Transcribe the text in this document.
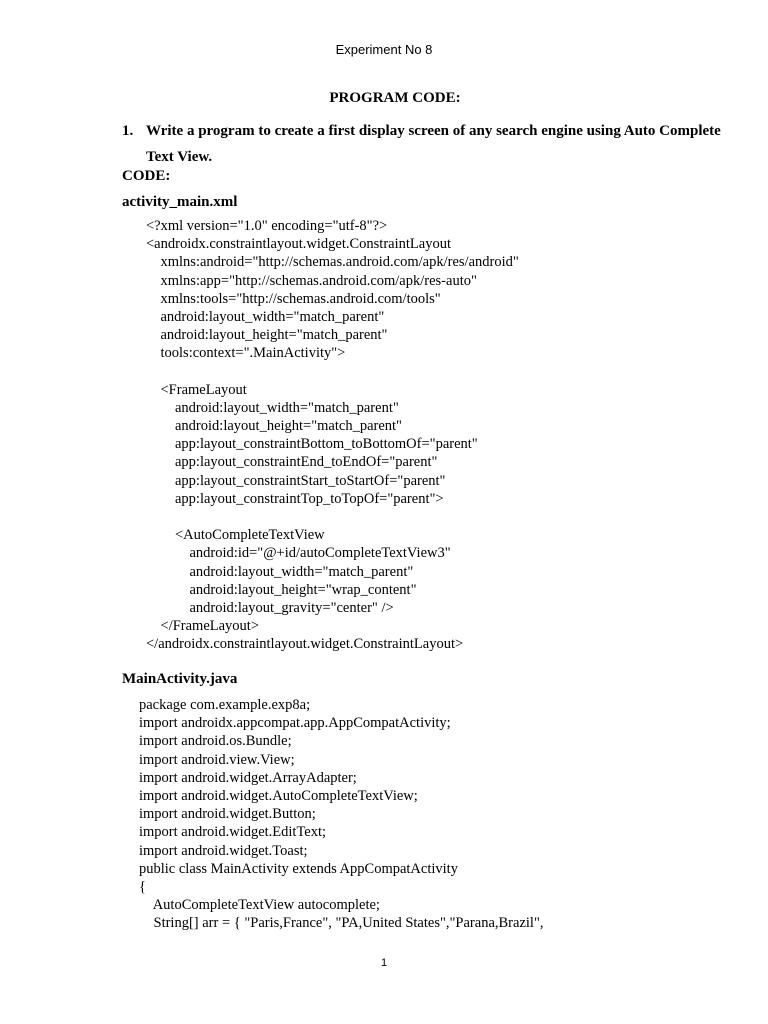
Experiment No 8
PROGRAM CODE:
1. Write a program to create a first display screen of any search engine using Auto Complete Text View.
CODE:
activity_main.xml
<?xml version="1.0" encoding="utf-8"?>
<androidx.constraintlayout.widget.ConstraintLayout
xmlns:android="http://schemas.android.com/apk/res/android"
xmlns:app="http://schemas.android.com/apk/res-auto"
xmlns:tools="http://schemas.android.com/tools"
android:layout_width="match_parent"
android:layout_height="match_parent"
tools:context=".MainActivity">
<FrameLayout
android:layout_width="match_parent"
android:layout_height="match_parent"
app:layout_constraintBottom_toBottomOf="parent"
app:layout_constraintEnd_toEndOf="parent"
app:layout_constraintStart_toStartOf="parent"
app:layout_constraintTop_toTopOf="parent">
<AutoCompleteTextView
android:id="@+id/autoCompleteTextView3"
android:layout_width="match_parent"
android:layout_height="wrap_content"
android:layout_gravity="center" />
</FrameLayout>
</androidx.constraintlayout.widget.ConstraintLayout>
MainActivity.java
package com.example.exp8a;
import androidx.appcompat.app.AppCompatActivity;
import android.os.Bundle;
import android.view.View;
import android.widget.ArrayAdapter;
import android.widget.AutoCompleteTextView;
import android.widget.Button;
import android.widget.EditText;
import android.widget.Toast;
public class MainActivity extends AppCompatActivity
{
AutoCompleteTextView autocomplete;
String[] arr = { "Paris,France", "PA,United States","Parana,Brazil",
1
